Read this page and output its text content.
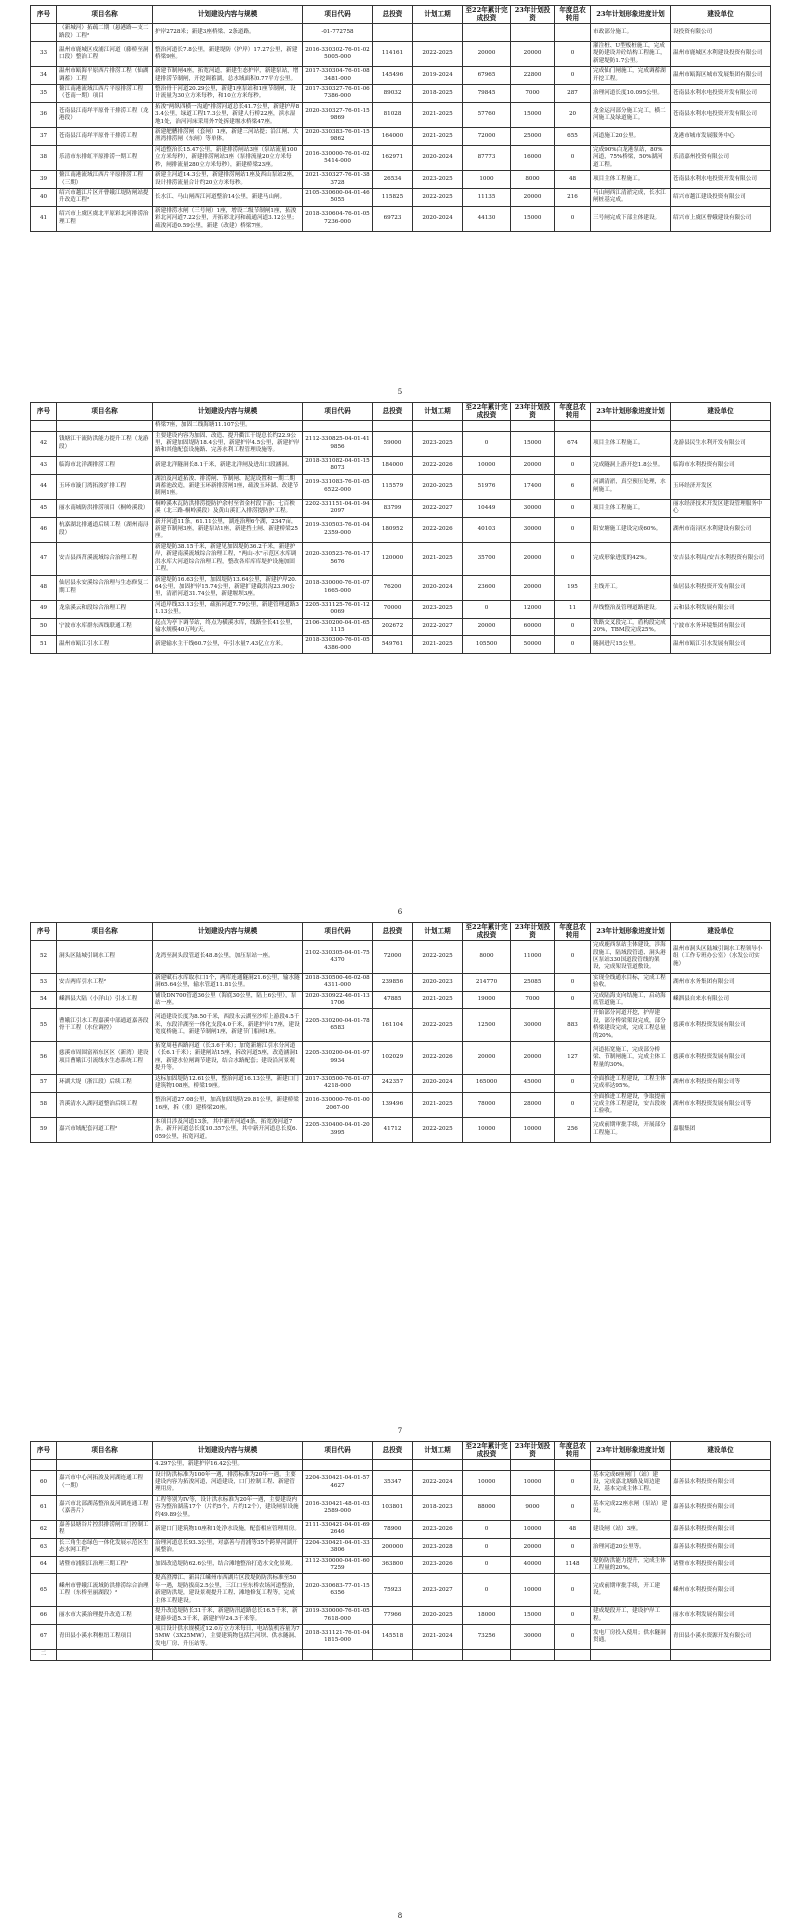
序号	项目名称	计划建设内容与规模	项目代码	总投资	计划工期	至22年累计完成投资	23年计划投资	年度总农转用	23年计划形象进度计划	建设单位
	（新城河）拓疏二期（悬港路—支二路段）工程²	护岸2728米；新建3座桥梁、2条道路。	-01-772758						市政部分施工。	设投资有限公司
33	温州市鹿城区戍浦江河道（藤桥至洞口段）整治工程	整治河道长7.8公里，新建堤防（护岸）17.27公里，新建桥梁9座。	2016-330302-76-01-025005-000	114161	2022-2025	20000	20000	0	灌注桩、U型板桩施工，完成堤防建设并砼结构工程施工，新建堤防1.7公里。	温州市鹿城区水利建设投资有限公司
34	温州市瓯海平原西片排涝工程（仙湖调蓄）工程	新建节制闸4座，拓宽河道，新建生态护岸，新建泵站，增建排涝节制闸，开挖调蓄湖，总水域面积0.77平方公里。	2017-330304-76-01-083481-000	145496	2019-2024	67965	22800	0	完成仙门闸施工，完成调蓄湖开挖工程。	温州市瓯海区城市发展集团有限公司
35	鳌江南港流域江西片平原排涝工程（苍南一期）项目	整治骨干河道20.29公里，新建1座泵站和1座节制闸，设计流量为30立方米每秒，和10立方米每秒。	2017-330327-76-01-067386-000	89032	2018-2025	79845	7000	287	治理河道长度10.095公里。	苍南县水利水电投资开发有限公司
36	苍南县江南垟平原骨干排涝工程（龙港段）	拓浚"两纵四横一沟通"排涝河道总长41.7公里，新建护岸83.4公里，绿道工程17.3公里，新建人行桥22座，滨水湿地1处，治河河床采用外7处拆建堰水桥梁47座。	2020-330327-76-01-159869	81028	2021-2025	57760	15000	20	龙金运河部分施工完工，横二河施工及绿道施工。	苍南县水利水电投资开发有限公司
37	苍南县江南垟平原骨干排涝工程	新建舥艚排涝闸（套闸）1座，新建三河站提；沿江闸、大渔湾排涝闸（东闸）等单体。	2020-330383-76-01-159862	164000	2021-2025	72000	25000	655	河道施工20公里。	龙港市城市发展服务中心
38	乐清市东排虹平原排涝一期工程	河道整治长15.47公里，新建排涝闸站3座（泵站流量100立方米每秒），新建排涝闸站3座（泵排流量20立方米每秒，闸排流量280立方米每秒），新建桥梁23座。	2016-330000-76-01-025414-000	162971	2020-2024	87773	16000	0	完成90%白龙港泵站，80%河道，75%桥梁，50%湖河道工程。	乐清嘉州投资有限公司
39	鳌江南港流域江西片平原排涝工程（三期）	新建主河道14.3公里，新建排涝闸站1座及西山泵站2座，设计排涝流量合计约20立方米每秒。	2021-330327-76-01-383728	26534	2023-2025	1000	8000	48	项目主体工程施工。	苍南县水利水电投资开发有限公司
40	绍兴市越江片区开曹娥江堤防闸站提升改造工程²	长水江、马山闸西江河道整治14公里，新建马山闸。	2105-330600-04-01-465055	115825	2022-2025	11135	20000	216	马山闸西江清淤完成，长水江闸桩基完成。	绍兴市越江建设投资有限公司
41	绍兴市上虞区虞北平原彩北河排涝治理工程	新建排涝水闸（三号闸）1座，增设二级节制闸1座，拓浚彩北河河道7.22公里，开拓彩北河和疏通河道3.12公里；疏浚河道0.59公里，新建（改建）桥梁7座。	2018-330604-76-01-057236-000	69723	2020-2024	44130	15000	0	三号闸完成下部主体建设。	绍兴市上虞区曹娥建设有限公司
5
序号	项目名称	计划建设内容与规模	项目代码	总投资	计划工期	至22年累计完成投资	23年计划投资	年度总农转用	23年计划形象进度计划	建设单位
		桥梁7座，加固二线海塘11.107公里。								
42	钱塘江干流防洪能力提升工程（龙游段）	主要建设内容为加固、改造、提升衢江干堤总长约22.9公里，新建加固堤防18.4公里，新建护岸4.5公里，新建护岸路和其他配套设施路、完善水利工程管理设施等。	2112-330825-04-01-419856	59000	2023-2025	0	15000	674	项目主体工程施工。	龙游县民生水利开发有限公司
43	临海市北洋湖排涝工程	新建北洋隧洞长8.1千米，新建北洋闸及进出口段涵洞。	2018-331082-04-01-158073	184000	2022-2026	10000	20000	0	完成隧洞上游开挖1.8公里。	临海市水利投资有限公司
44	玉环市漩门湾拓浚扩排工程	湖泊及河道拓浚、排涝闸、节制闸、泥泥设置和一期二期调蓄池改造，新建玉环新排涝闸1座，疏浚玉环湖、改建节制闸1座。	2019-331083-76-01-056522-000	115579	2020-2025	51976	17400	6	河湖清淤，真空预压处理，水闸施工。	玉环经济开发区
45	丽水南城防洪排涝项目（桐岭溪段）	桐岭溪木瓦防洪排涝提防护余村至省金村段下游；七百秧溪（北三路-桐岭溪段）及黄山溪汇入排涝提防护工程。	2202-331151-04-01-942097	83799	2022-2027	10449	30000	0	项目主体工程施工。	丽水经济技术开发区建设管理服务中心
46	杭嘉湖北排通道后续工程（湖州南浔段）	新开河道11条，61.11公里，湖连治理6个湖，2347亩，新建节制闸3座，新建泵站1座，新建挡土闸、新建桥梁25座。	2019-330503-76-01-042359-000	180952	2022-2026	40103	30000	0	阳安塘施工建设完成60%。	湖州市南浔区水利建设有限公司
47	安吉县西苕溪流域综合治理工程	新建堤防38.15千米，新建见加固堤防36.2千米，新建护岸，新建南溪流域综合治理工程，"两山-水"示范区水库调洪水库大河道综合治理工程，整改各库库库堤护设施加固工程。	2020-330523-76-01-175676	120000	2021-2025	35700	20000	0	完成形象进度的42%。	安吉县水利局/安吉水利投资有限公司
48	仙居县永安溪综合治理与生态修复二期工程	新建堤防16.63公里，加固堤防13.64公里，新建护岸20.64公里，加固护岸15.74公里，新建扩建截洪沟23.90公里，清淤河道31.74公里，新建堰坝3座。	2018-330000-76-01-071665-000	76200	2020-2024	23600	20000	195	主线开工。	仙居县水利投资开发有限公司
49	龙泉溪云和段综合治理工程	河道岸线33.13公里，疏拓河道7.79公里，新建管理道路31.13公里。	2205-331125-76-01-120069	70000	2023-2025	0	12000	11	岸线整治及管理道路建设。	云和县水利发展有限公司
50	宁波市水库群东西线联通工程	起点为亭下调节站，终点为横溪水库，线路全长41公里，输水规模40万吨/天。	2106-330200-04-01-651115	202672	2022-2027	20000	60000	0	铁路交叉段完工，盾构段完成20%，TBM段完成25%。	宁波市水务环境集团有限公司
51	温州市瓯江引水工程	新建输水主干线60.7公里，年引水量7.43亿立方米。	2018-330300-76-01-054386-000	549761	2021-2025	105500	50000	0	隧洞进尺15公里。	温州市瓯江引水发展有限公司
6
序号	项目名称	计划建设内容与规模	项目代码	总投资	计划工期	至22年累计完成投资	23年计划投资	年度总农转用	23年计划形象进度计划	建设单位
52	洞头区陆城引调水工程	龙湾至洞头段管道长48.8公里，加压泵站一座。	2102-330305-04-01-754370	72000	2022-2025	8000	11000	0	完成鹿西泵站主体建设，涉海段施工，陆域段管道、洞头港区泵站330国道段管线的架设，完成架设管道敷设。	温州市洞头区陆城引调水工程领导小组（工作专班办公室）（水发公司实施）
53	安吉两库引水工程²	新建赋石水库取水口1个，两库连通隧洞21.6公里，输水隧洞65.64公里，输水管道11.81公里。	2018-330500-46-02-084311-000	239856	2020-2023	214770	25085	0	实现全线通水目标，完成工程验收。	湖州市水务集团有限公司
54	嵊泗县大陆（小洋山）引水工程	铺设DN700管道36公里（海底30公里，陆上6公里），泵站一座。	2020-330922-46-01-131706	47885	2021-2025	19000	7000	0	完成陆海支向结施工，启动海底管道施工。	嵊泗县自来水有限公司
55	曹娥江引水工程嘉溪中部通道嘉善段骨干工程（水位调控）	河道建设长度为8.50千米，西段永云湖至沙库上游段4.5千米，东段洋湖至一体化支段4.0千米，新建护岸17座，建设宽度桥施工，新建节制闸1座，新建节门船闸1座。	2205-330200-04-01-786583	161104	2022-2025	12500	30000	883	开始部分河道开挖，护岸建设，部分桥梁架设完成，部分桥梁建设完成，完成工程总量的20%。	慈溪市水利投资发展有限公司
56	慈溪市周围富裕东区区（新湾）建设项目曹娥江引流线水生态系统工程	拓宽周巷西路河道（长3.6千米）；加宽新塘江引水分河道（长6.1千米）；新建闸站15座，拆改河道5座，改造涵洞1座，新建水位闸调节建设，结合水路配套；建设沿河景观提升等。	2205-330200-04-01-979934	102029	2022-2026	20000	20000	127	河道拓宽施工，完成部分桥梁、节制闸施工，完成主体工程量的30%。	慈溪市水利投资发展有限公司
57	环湖大堤（浙江段）后续工程	达标加固堤防12.61公里，整治河道16.13公里，新建口门建筑物108座，桥梁19座。	2017-330500-76-01-074218-000	242357	2020-2024	165000	45000	0	全面推进工程建设，工程主体完成率达95%。	湖州市水利投资有限公司等
58	苕溪清水入湖河道整治后续工程	整治河道27.08公里，加高加固堤防29.81公里，新建桥梁16座，拆（重）建桥梁20座。	2016-330000-76-01-002067-00	139496	2021-2025	78000	28000	0	全面推进工程建设，争取提前完成主体工程建设，安吉段竣工验收。	湖州市水利投资发展有限公司等
59	嘉兴市域配套河道工程²	本项目涉及河道13条，其中新开河道4条，拓宽浚河道7条。新开河道总长度10.357公里，其中新开河道总长度6.059公里，拓宽河道。	2205-330400-04-01-203995	41712	2022-2025	10000	10000	256	完成前期审批手续，开展部分工程施工。	嘉服集团
7
序号	项目名称	计划建设内容与规模	项目代码	总投资	计划工期	至22年累计完成投资	23年计划投资	年度总农转用	23年计划形象进度计划	建设单位
		4.297公里，新建护岸16.42公里。								
60	嘉兴市中心河拓浚及河湖连通工程（一期）	设计防洪标准为100年一遇，排涝标准为20年一遇。主要建设内容为拓浚河道，河道建设，口门控制工程、新建管理用房。	2204-330421-04-01-574627	35347	2022-2024	10000	10000	0	基本完成6座闸门（站）建设，完成嘉北塘路及周边建设，基本完成主体工程。	嘉善县水利投资有限公司
61	嘉兴市北部湖荡整治及河湖连通工程（嘉善片）	工程等别为IV等，设计洪水标准为20年一遇，主要建设内容为整治湖荡17个（片约5个，片约12个），建设闸泵设施约49.89公里。	2016-330421-48-01-032589-000	103801	2018-2023	88000	9000	0	基本完成22座水闸（泵站）建设。	嘉善县水利投资有限公司
62	嘉善县塘谷片控洪排涝闸口门控制工程	新建口门建筑物10座和1处净水设施，配套相应管理用房。	2111-330421-04-01-692646	78900	2023-2026	0	10000	48	建设闸（站）3座。	嘉善县水利投资有限公司
63	长三角生态绿色一体化发展示范区生态水网工程²	治理河道总长93.3公里，对嘉善与青浦等35个跨界河湖开展整治。	2204-330421-04-01-333806	200000	2023-2028	0	20000	0	治理河道20公里等。	嘉善县水利投资有限公司
64	诸暨市浦阳江治理三期工程²	加固改造堤防62.6公里，结合滩地整治打造水文化景观。	2112-330000-04-01-607259	363800	2023-2026	0	40000	1148	堤防防洪能力提升，完成主体工程量的20%。	诸暨市水利投资有限公司
65	嵊州市曹娥江流域防洪排涝综合治理工程（东桥至丽湖段）²	提高澄潭江、新昌江嵊州市西湖片区段堤防防洪标准至50年一遇，堤防拔高2.5公里，三江口至东桥农场河道整治，新建防洪堤，建设景观提升工程、滩地修复工程等，完成主体工程建设。	2020-330683-77-01-156356	75923	2023-2027	0	10000	0	完成前期审批手续，开工建设。	嵊州市水利投资有限公司
66	丽水市大溪治理提升改造工程	提升改造堤防长31千米，新建防汛道路总长16.5千米，新建游步道5.3千米，新建护岸24.3千米等。	2019-330000-76-01-057618-000	77966	2020-2025	18000	15000	0	建成堤段开工，建设护岸工程。	丽水市水利发展有限公司
67	青田县小溪水利枢纽工程项目	项目设计供水规模近12.0万立方米每日，电站装机容量为75MW（3X25MW），主要建筑物包括拦河坝、供水隧洞、发电厂房、升压站等。	2018-331121-76-01-041815-000	145518	2021-2024	73256	30000	0	发电厂房投入使用；供水隧洞贯通。	青田县小溪水资源开发有限公司
二										
8
